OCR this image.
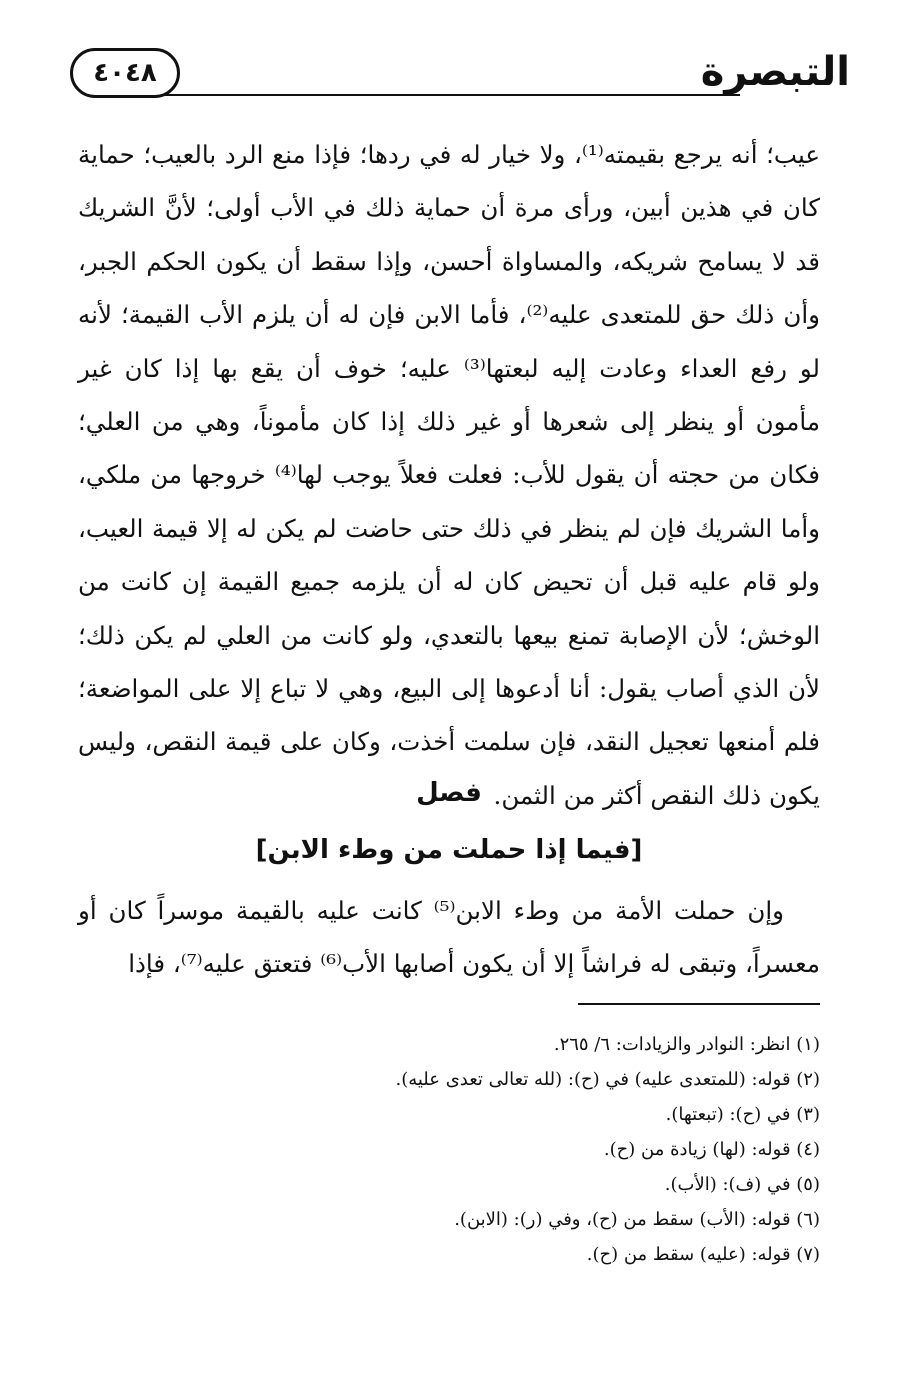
التبصرة
٤٠٤٨

عيب؛ أنه يرجع بقيمته⁽¹⁾، ولا خيار له في ردها؛ فإذا منع الرد بالعيب؛ حماية كان في هذين أبين، ورأى مرة أن حماية ذلك في الأب أولى؛ لأنَّ الشريك قد لا يسامح شريكه، والمساواة أحسن، وإذا سقط أن يكون الحكم الجبر، وأن ذلك حق للمتعدى عليه⁽²⁾، فأما الابن فإن له أن يلزم الأب القيمة؛ لأنه لو رفع العداء وعادت إليه لبعتها⁽³⁾ عليه؛ خوف أن يقع بها إذا كان غير مأمون أو ينظر إلى شعرها أو غير ذلك إذا كان مأموناً، وهي من العلي؛ فكان من حجته أن يقول للأب: فعلت فعلاً يوجب لها⁽⁴⁾ خروجها من ملكي، وأما الشريك فإن لم ينظر في ذلك حتى حاضت لم يكن له إلا قيمة العيب، ولو قام عليه قبل أن تحيض كان له أن يلزمه جميع القيمة إن كانت من الوخش؛ لأن الإصابة تمنع بيعها بالتعدي، ولو كانت من العلي لم يكن ذلك؛ لأن الذي أصاب يقول: أنا أدعوها إلى البيع، وهي لا تباع إلا على المواضعة؛ فلم أمنعها تعجيل النقد، فإن سلمت أخذت، وكان على قيمة النقص، وليس يكون ذلك النقص أكثر من الثمن.

فصل
[فيما إذا حملت من وطء الابن]

وإن حملت الأمة من وطء الابن⁽⁵⁾ كانت عليه بالقيمة موسراً كان أو معسراً، وتبقى له فراشاً إلا أن يكون أصابها الأب⁽⁶⁾ فتعتق عليه⁽⁷⁾، فإذا

(١) انظر: النوادر والزيادات: ٦/ ٢٦٥.
(٢) قوله: (للمتعدى عليه) في (ح): (لله تعالى تعدى عليه).
(٣) في (ح): (تبعتها).
(٤) قوله: (لها) زيادة من (ح).
(٥) في (ف): (الأب).
(٦) قوله: (الأب) سقط من (ح)، وفي (ر): (الابن).
(٧) قوله: (عليه) سقط من (ح).
